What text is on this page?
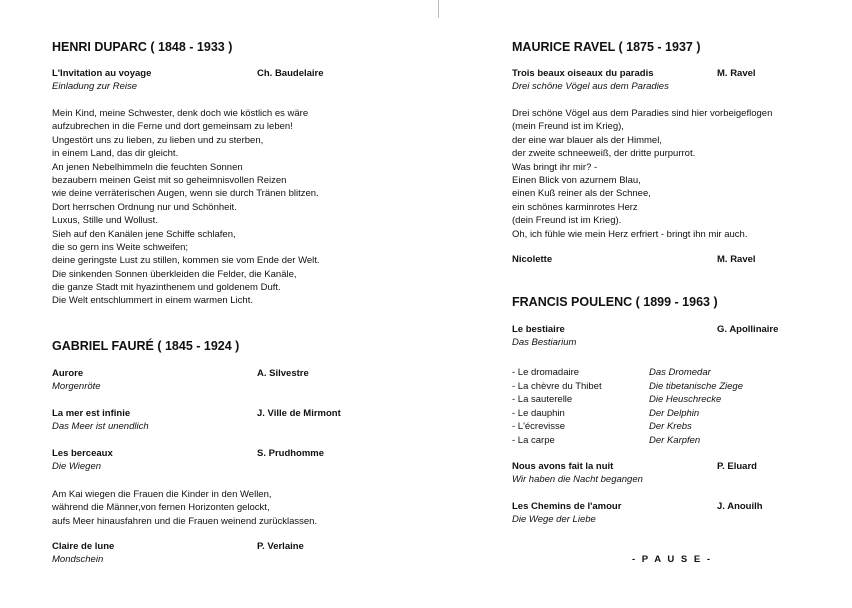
HENRI DUPARC ( 1848 - 1933 )
L'Invitation au voyage	Ch. Baudelaire
Einladung zur Reise
Mein Kind, meine Schwester, denk doch wie köstlich es wäre
aufzubrechen in die Ferne und dort gemeinsam zu leben!
Ungestört uns zu lieben, zu lieben und zu sterben,
in einem Land, das dir gleicht.
An jenen Nebelhimmeln die feuchten Sonnen
bezaubern meinen Geist mit so geheimnisvollen Reizen
wie deine verräterischen Augen, wenn sie durch Tränen blitzen.
Dort herrschen Ordnung nur und Schönheit.
Luxus, Stille und Wollust.
Sieh auf den Kanälen jene Schiffe schlafen,
die so gern ins Weite schweifen;
deine geringste Lust zu stillen, kommen sie vom Ende der Welt.
Die sinkenden Sonnen überkleiden die Felder, die Kanäle,
die ganze Stadt mit hyazinthenem und goldenem Duft.
Die Welt entschlummert in einem warmen Licht.
GABRIEL FAURÉ ( 1845 - 1924 )
Aurore	A. Silvestre
Morgenröte
La mer est infinie	J. Ville de Mirmont
Das Meer ist unendlich
Les berceaux	S. Prudhomme
Die Wiegen
Am Kai wiegen die Frauen die Kinder in den Wellen,
während die Männer,von fernen Horizonten gelockt,
aufs Meer hinausfahren und die Frauen weinend zurücklassen.
Claire de lune	P. Verlaine
Mondschein
MAURICE RAVEL ( 1875 - 1937 )
Trois beaux oiseaux du paradis	M. Ravel
Drei schöne Vögel aus dem Paradies
Drei schöne Vögel aus dem Paradies sind hier vorbeigeflogen
(mein Freund ist im Krieg),
der eine war blauer als der Himmel,
der zweite schneeweiß, der dritte purpurrot.
Was bringt ihr mir? -
Einen Blick von azurnem Blau,
einen Kuß reiner als der Schnee,
ein schönes karminrotes Herz
(dein Freund ist im Krieg).
Oh, ich fühle wie mein Herz erfriert - bringt ihn mir auch.
Nicolette	M. Ravel
FRANCIS POULENC ( 1899 - 1963 )
Le bestiaire	G. Apollinaire
Das Bestiarium
- Le dromadaire	Das Dromedar
- La chèvre du Thibet	Die tibetanische Ziege
- La sauterelle	Die Heuschrecke
- Le dauphin	Der Delphin
- L'écrevisse	Der Krebs
- La carpe	Der Karpfen
Nous avons fait la nuit	P. Eluard
Wir haben die Nacht begangen
Les Chemins de l'amour	J. Anouilh
Die Wege der Liebe
- P A U S E -
